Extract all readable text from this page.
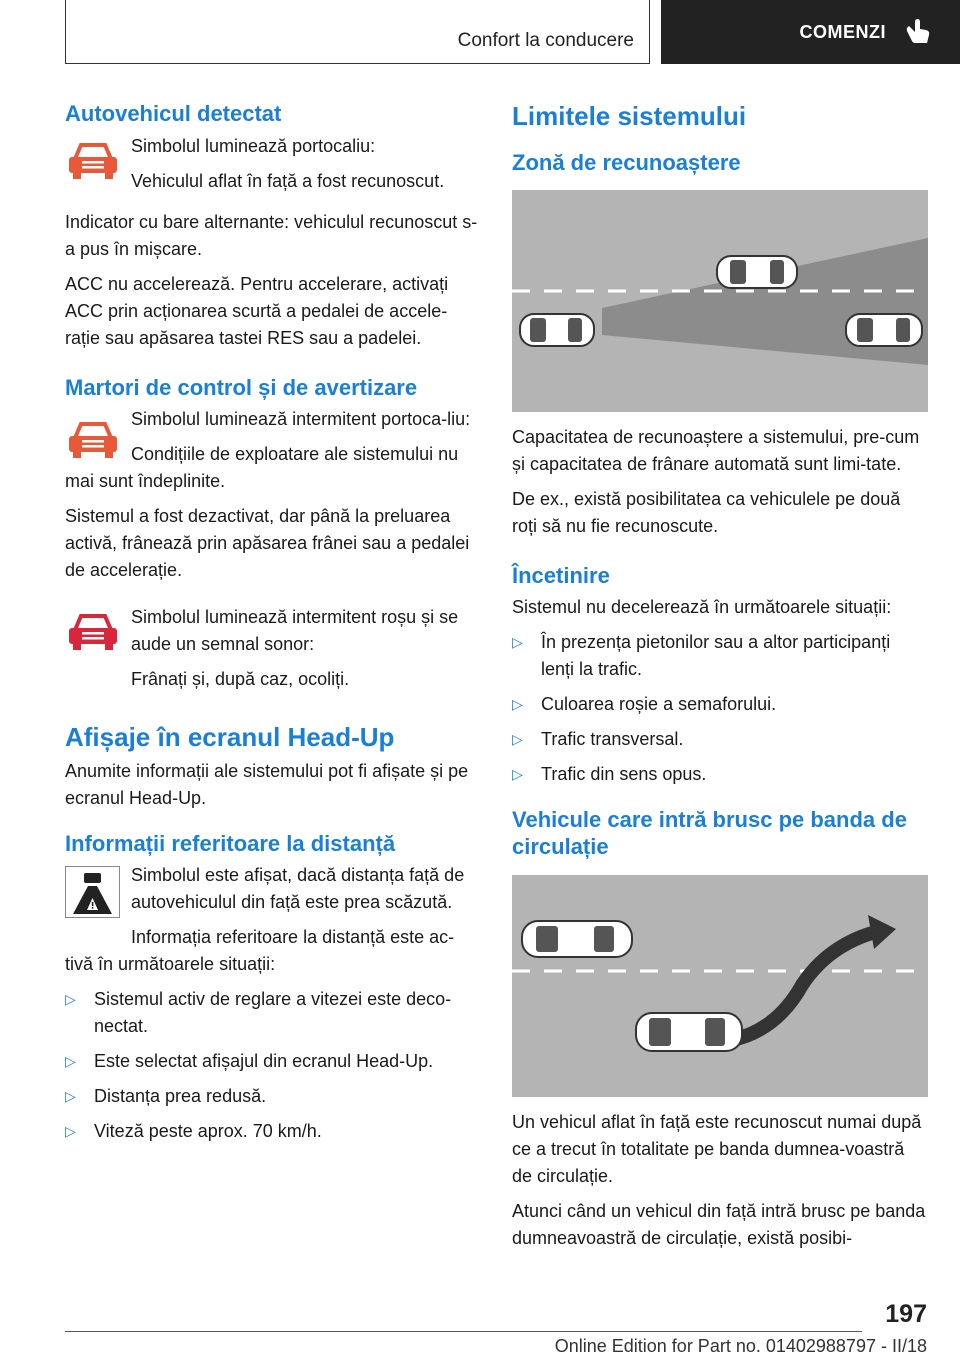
Confort la conducere	COMENZI
Autovehicul detectat

Simbolul luminează portocaliu:

Vehiculul aflat în față a fost recunoscut.

Indicator cu bare alternante: vehiculul recunoscut s-a pus în mișcare.

ACC nu accelerează. Pentru accelerare, activați ACC prin acționarea scurtă a pedalei de accele-rație sau apăsarea tastei RES sau a padelei.

Martori de control și de avertizare

Simbolul luminează intermitent portoca-liu:

Condițiile de exploatare ale sistemului nu mai sunt îndeplinite.

Sistemul a fost dezactivat, dar până la preluarea activă, frânează prin apăsarea frânei sau a pedalei de accelerație.

Simbolul luminează intermitent roșu și se aude un semnal sonor:

Frânați și, după caz, ocoliți.

Afișaje în ecranul Head-Up

Anumite informații ale sistemului pot fi afișate și pe ecranul Head-Up.

Informații referitoare la distanță

Simbolul este afișat, dacă distanța față de autovehiculul din față este prea scăzută.

Informația referitoare la distanță este ac-tivă în următoarele situații:

▷ Sistemul activ de reglare a vitezei este deco-nectat.
▷ Este selectat afișajul din ecranul Head-Up.
▷ Distanța prea redusă.
▷ Viteză peste aprox. 70 km/h.
Limitele sistemului
Zonă de recunoaștere

Capacitatea de recunoaștere a sistemului, pre-cum și capacitatea de frânare automată sunt limi-tate.

De ex., există posibilitatea ca vehiculele pe două roți să nu fie recunoscute.

Încetinire

Sistemul nu decelerează în următoarele situații:

▷ În prezența pietonilor sau a altor participanți lenți la trafic.
▷ Culoarea roșie a semaforului.
▷ Trafic transversal.
▷ Trafic din sens opus.
Vehicule care intră brusc pe banda de circulație

Un vehicul aflat în față este recunoscut numai după ce a trecut în totalitate pe banda dumnea-voastră de circulație.

Atunci când un vehicul din față intră brusc pe banda dumneavoastră de circulație, există posibi-

197
Online Edition for Part no. 01402988797 - II/18
